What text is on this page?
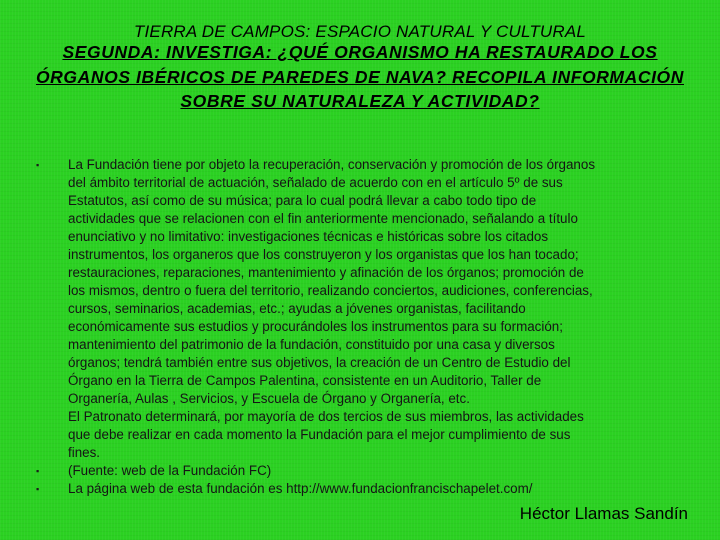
TIERRA DE CAMPOS: ESPACIO NATURAL Y CULTURAL
SEGUNDA: INVESTIGA: ¿QUÉ ORGANISMO HA RESTAURADO LOS ÓRGANOS IBÉRICOS DE PAREDES DE NAVA? RECOPILA INFORMACIÓN SOBRE SU NATURALEZA Y ACTIVIDAD?
▪ La Fundación tiene por objeto la recuperación, conservación y promoción de los órganos
del ámbito territorial de actuación, señalado de acuerdo con en el artículo 5º de sus
Estatutos, así como de su música; para lo cual podrá llevar a cabo todo tipo de
actividades que se relacionen con el fin anteriormente mencionado, señalando a título
enunciativo y no limitativo: investigaciones técnicas e históricas sobre los citados
instrumentos, los organeros que los construyeron y los organistas que los han tocado;
restauraciones, reparaciones, mantenimiento y afinación de los órganos; promoción de
los mismos, dentro o fuera del territorio, realizando conciertos, audiciones, conferencias,
cursos, seminarios, academias, etc.; ayudas a jóvenes organistas, facilitando
económicamente sus estudios y procurándoles los instrumentos para su formación;
mantenimiento del patrimonio de la fundación, constituido por una casa y diversos
órganos; tendrá también entre sus objetivos, la creación de un Centro de Estudio del
Órgano en la Tierra de Campos Palentina, consistente en un Auditorio, Taller de
Organería, Aulas , Servicios, y Escuela de Órgano y Organería, etc.
El Patronato determinará, por mayoría de dos tercios de sus miembros, las actividades
que debe realizar en cada momento la Fundación para el mejor cumplimiento de sus
fines.
▪ (Fuente: web de la Fundación FC)
▪ La página web de esta fundación es http://www.fundacionfrancischapelet.com/
Héctor Llamas Sandín
